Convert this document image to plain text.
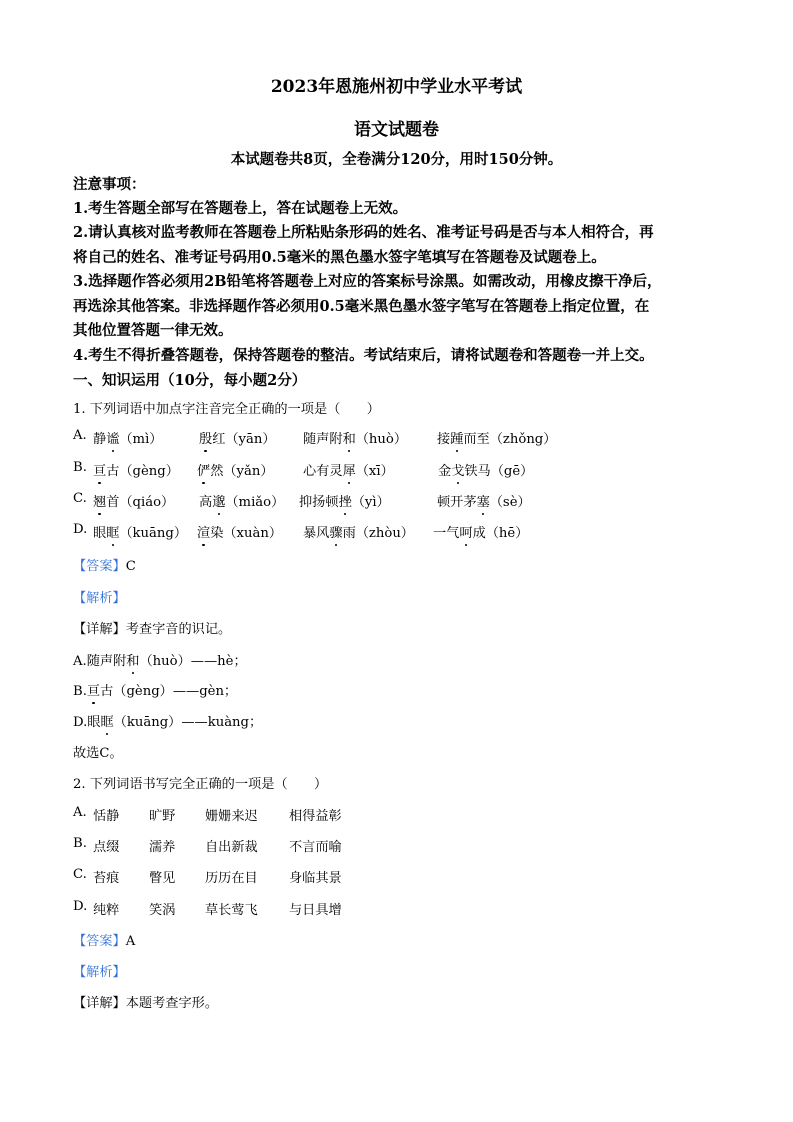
2023年恩施州初中学业水平考试
语文试题卷
本试题卷共8页，全卷满分120分，用时150分钟。
注意事项：
1.考生答题全部写在答题卷上，答在试题卷上无效。
2.请认真核对监考教师在答题卷上所粘贴条形码的姓名、准考证号码是否与本人相符合，再
将自己的姓名、准考证号码用0.5毫米的黑色墨水签字笔填写在答题卷及试题卷上。
3.选择题作答必须用2B铅笔将答题卷上对应的答案标号涂黑。如需改动，用橡皮擦干净后，
再选涂其他答案。非选择题作答必须用0.5毫米黑色墨水签字笔写在答题卷上指定位置，在
其他位置答题一律无效。
4.考生不得折叠答题卷，保持答题卷的整洁。考试结束后，请将试题卷和答题卷一并上交。
一、知识运用（10分，每小题2分）
1. 下列词语中加点字注音完全正确的一项是（　　）
A. 静谧（mì）	殷红（yān） 随声附和（huò） 接踵而至（zhǒng）
B. 亘古（gèng） 俨然（yǎn） 心有灵犀（xī）	金戈铁马（gē）
C. 翘首（qiáo） 高邈（miǎo） 抑扬顿挫（yì）	顿开茅塞（sè）
D. 眼眶（kuāng） 渲染（xuàn） 暴风骤雨（zhòu） 一气呵成（hē）
【答案】C
【解析】
【详解】考查字音的识记。
A.随声附和（huò）——hè；
B.亘古（gèng）——gèn；
D.眼眶（kuāng）——kuàng；
故选C。
2. 下列词语书写完全正确的一项是（　　）
A. 恬静 旷野 姗姗来迟 相得益彰
B. 点缀 濡养 自出新裁 不言而喻
C. 苔痕 瞥见 历历在目 身临其景
D. 纯粹 笑涡 草长莺飞 与日具增
【答案】A
【解析】
【详解】本题考查字形。
